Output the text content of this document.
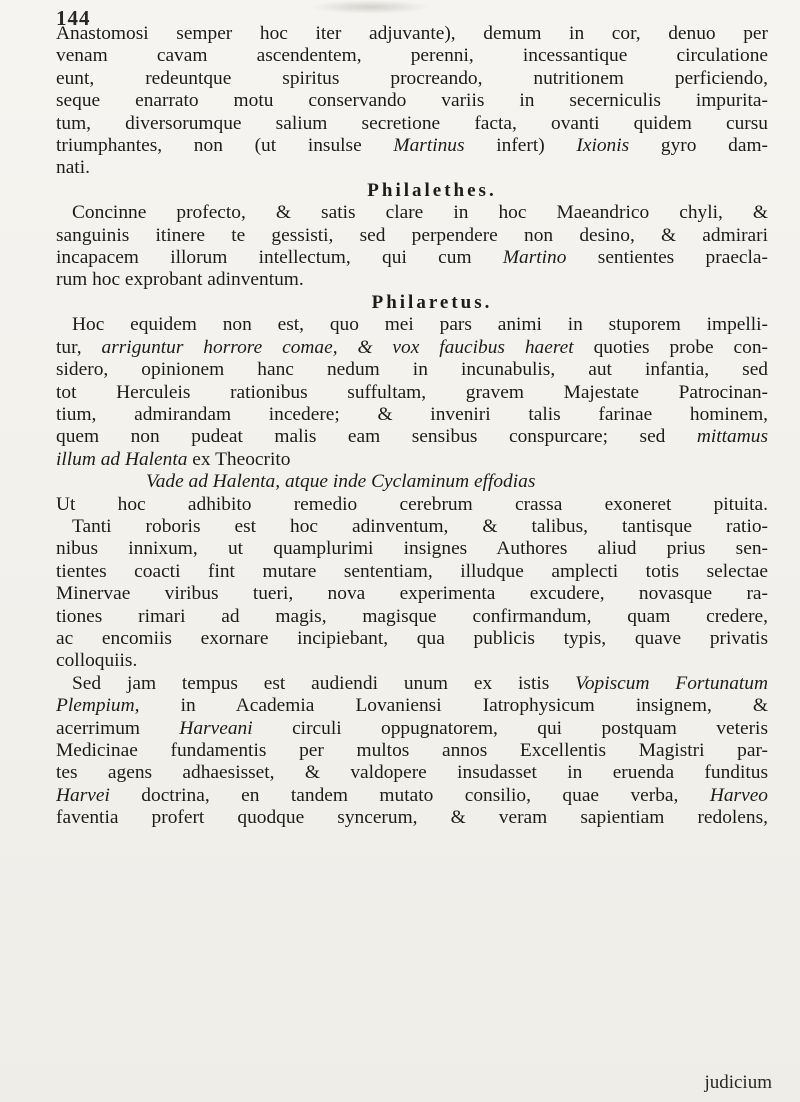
144
Anastomosi semper hoc iter adjuvante), demum in cor, denuo per
venam cavam ascendentem, perenni, incessantique circulatione
eunt, redeuntque spiritus procreando, nutritionem perficiendo,
seque enarrato motu conservando variis in secerniculis impurita-
tum, diversorumque salium secretione facta, ovanti quidem cursu
triumphantes, non (ut insulse Martinus infert) Ixionis gyro dam-
nati.
Philalethes.
Concinne profecto, & satis clare in hoc Maeandrico chyli, &
sanguinis itinere te gessisti, sed perpendere non desino, & admirari
incapacem illorum intellectum, qui cum Martino sentientes praecla-
rum hoc exprobant adinventum.
Philaretus.
Hoc equidem non est, quo mei pars animi in stuporem impelli-
tur, arriguntur horrore comae, & vox faucibus haeret quoties probe con-
sidero, opinionem hanc nedum in incunabulis, aut infantia, sed
tot Herculeis rationibus suffultam, gravem Majestate Patrocinan-
tium, admirandam incedere; & inveniri talis farinae hominem,
quem non pudeat malis eam sensibus conspurcare; sed mittamus
illum ad Halenta ex Theocrito
Vade ad Halenta, atque inde Cyclaminum effodias
Ut hoc adhibito remedio cerebrum crassa exoneret pituita.
Tanti roboris est hoc adinventum, & talibus, tantisque ratio-
nibus innixum, ut quamplurimi insignes Authores aliud prius sen-
tientes coacti fint mutare sententiam, illudque amplecti totis selectae
Minervae viribus tueri, nova experimenta excudere, novasque ra-
tiones rimari ad magis, magisque confirmandum, quam credere,
ac encomiis exornare incipiebant, qua publicis typis, quave privatis
colloquiis.
Sed jam tempus est audiendi unum ex istis Vopiscum Fortunatum
Plempium, in Academia Lovaniensi Iatrophysicum insignem, &
acerrimum Harveani circuli oppugnatorem, qui postquam veteris
Medicinae fundamentis per multos annos Excellentis Magistri par-
tes agens adhaesisset, & valdopere insudasset in eruenda funditus
Harvei doctrina, en tandem mutato consilio, quae verba, Harveo
faventia profert quodque syncerum, & veram sapientiam redolens,
judicium
